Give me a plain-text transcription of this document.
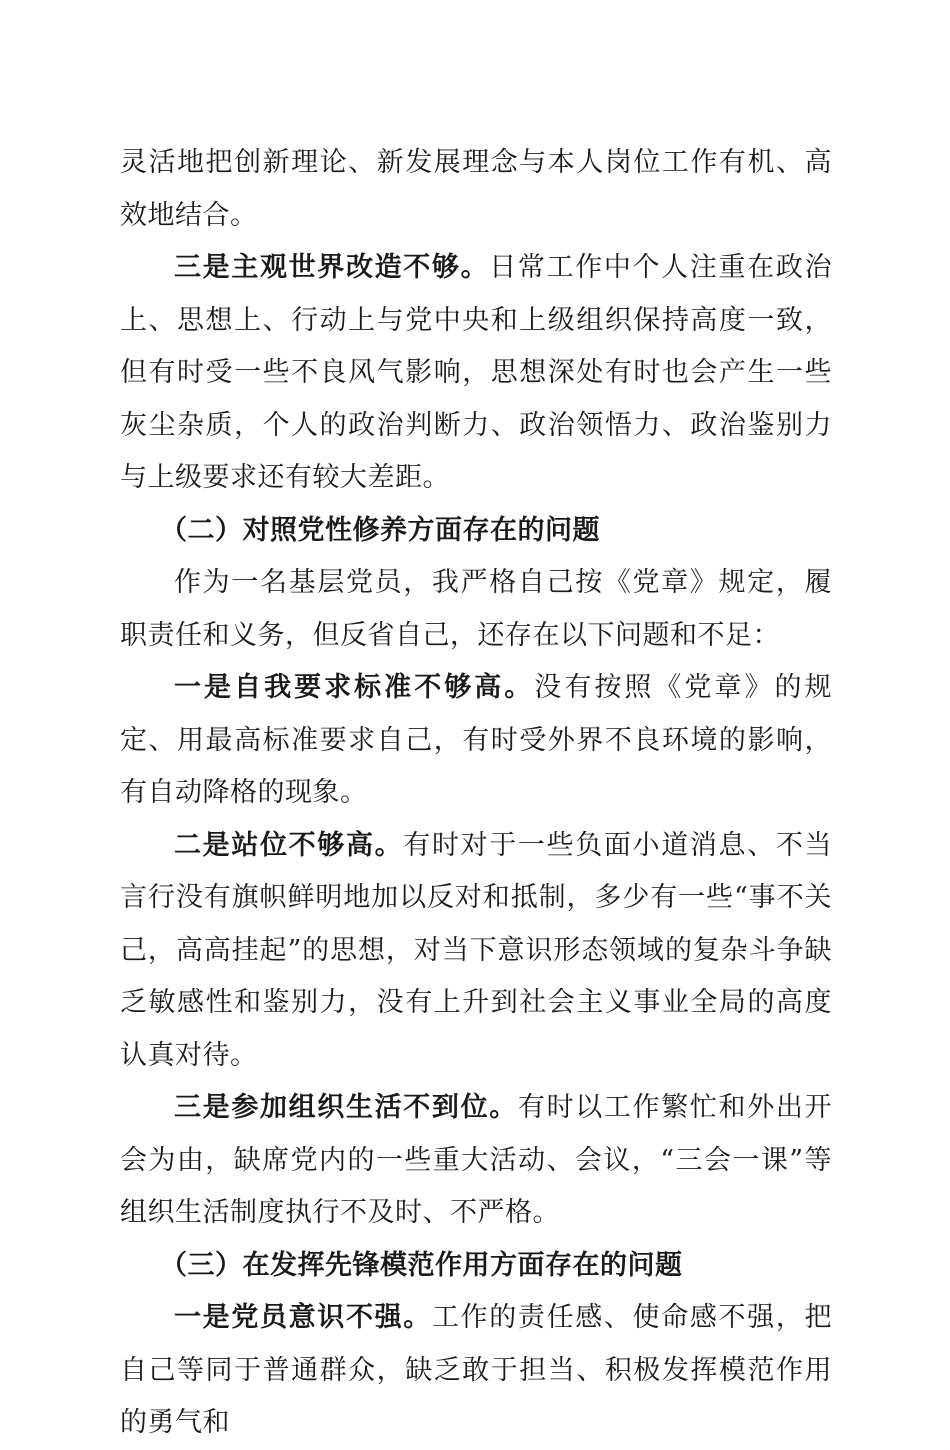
灵活地把创新理论、新发展理念与本人岗位工作有机、高效地结合。

三是主观世界改造不够。日常工作中个人注重在政治上、思想上、行动上与党中央和上级组织保持高度一致，但有时受一些不良风气影响，思想深处有时也会产生一些灰尘杂质，个人的政治判断力、政治领悟力、政治鉴别力与上级要求还有较大差距。

（二）对照党性修养方面存在的问题

作为一名基层党员，我严格自己按《党章》规定，履职责任和义务，但反省自己，还存在以下问题和不足：

一是自我要求标准不够高。没有按照《党章》的规定、用最高标准要求自己，有时受外界不良环境的影响，有自动降格的现象。

二是站位不够高。有时对于一些负面小道消息、不当言行没有旗帜鲜明地加以反对和抵制，多少有一些“事不关己，高高挂起”的思想，对当下意识形态领域的复杂斗争缺乏敏感性和鉴别力，没有上升到社会主义事业全局的高度认真对待。

三是参加组织生活不到位。有时以工作繁忙和外出开会为由，缺席党内的一些重大活动、会议，“三会一课”等组织生活制度执行不及时、不严格。

（三）在发挥先锋模范作用方面存在的问题

一是党员意识不强。工作的责任感、使命感不强，把自己等同于普通群众，缺乏敢于担当、积极发挥模范作用的勇气和
